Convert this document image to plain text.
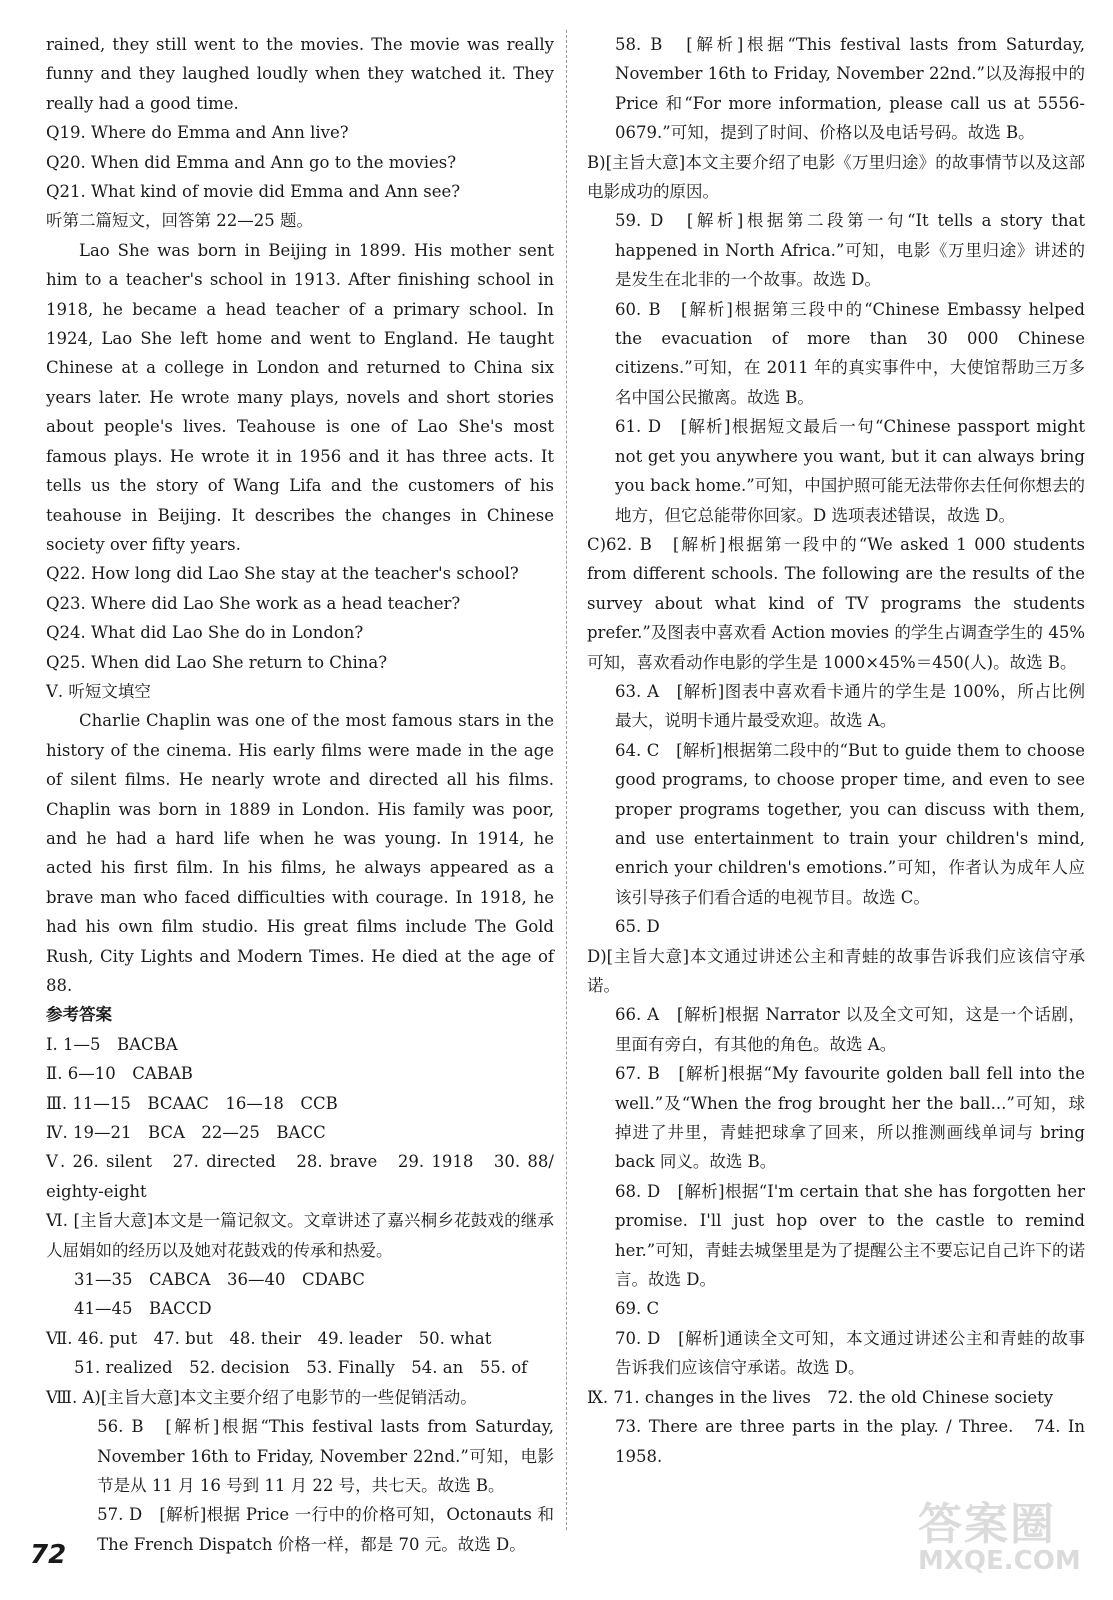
rained, they still went to the movies. The movie was really funny and they laughed loudly when they watched it. They really had a good time.

Q19. Where do Emma and Ann live?

Q20. When did Emma and Ann go to the movies?

Q21. What kind of movie did Emma and Ann see?

听第二篇短文，回答第 22—25 题。

Lao She was born in Beijing in 1899. His mother sent him to a teacher's school in 1913. After finishing school in 1918, he became a head teacher of a primary school. In 1924, Lao She left home and went to England. He taught Chinese at a college in London and returned to China six years later. He wrote many plays, novels and short stories about people's lives. Teahouse is one of Lao She's most famous plays. He wrote it in 1956 and it has three acts. It tells us the story of Wang Lifa and the customers of his teahouse in Beijing. It describes the changes in Chinese society over fifty years.

Q22. How long did Lao She stay at the teacher's school?

Q23. Where did Lao She work as a head teacher?

Q24. What did Lao She do in London?

Q25. When did Lao She return to China?

Ⅴ. 听短文填空

Charlie Chaplin was one of the most famous stars in the history of the cinema. His early films were made in the age of silent films. He nearly wrote and directed all his films. Chaplin was born in 1889 in London. His family was poor, and he had a hard life when he was young. In 1914, he acted his first film. In his films, he always appeared as a brave man who faced difficulties with courage. In 1918, he had his own film studio. His great films include The Gold Rush, City Lights and Modern Times. He died at the age of 88.

参考答案

Ⅰ. 1—5　BACBA

Ⅱ. 6—10　CABAB

Ⅲ. 11—15　BCAAC　16—18　CCB

Ⅳ. 19—21　BCA　22—25　BACC

Ⅴ. 26. silent　27. directed　28. brave　29. 1918　30. 88/ eighty-eight

Ⅵ. [主旨大意]本文是一篇记叙文。文章讲述了嘉兴桐乡花鼓戏的继承人屈娟如的经历以及她对花鼓戏的传承和热爱。

31—35　CABCA　36—40　CDABC

41—45　BACCD

Ⅶ. 46. put　47. but　48. their　49. leader　50. what

51. realized　52. decision　53. Finally　54. an　55. of

Ⅷ. A)[主旨大意]本文主要介绍了电影节的一些促销活动。

56. B　[解析]根据“This festival lasts from Saturday, November 16th to Friday, November 22nd.”可知，电影节是从 11 月 16 号到 11 月 22 号，共七天。故选 B。

57. D　[解析]根据 Price 一行中的价格可知，Octonauts 和 The French Dispatch 价格一样，都是 70 元。故选 D。

58. B　[解析]根据“This festival lasts from Saturday, November 16th to Friday, November 22nd.”以及海报中的 Price 和“For more information, please call us at 5556-0679.”可知，提到了时间、价格以及电话号码。故选 B。

B)[主旨大意]本文主要介绍了电影《万里归途》的故事情节以及这部电影成功的原因。

59. D　[解析]根据第二段第一句“It tells a story that happened in North Africa.”可知，电影《万里归途》讲述的是发生在北非的一个故事。故选 D。

60. B　[解析]根据第三段中的“Chinese Embassy helped the evacuation of more than 30 000 Chinese citizens.”可知，在 2011 年的真实事件中，大使馆帮助三万多名中国公民撤离。故选 B。

61. D　[解析]根据短文最后一句“Chinese passport might not get you anywhere you want, but it can always bring you back home.”可知，中国护照可能无法带你去任何你想去的地方，但它总能带你回家。D 选项表述错误，故选 D。

C)62. B　[解析]根据第一段中的“We asked 1 000 students from different schools. The following are the results of the survey about what kind of TV programs the students prefer.”及图表中喜欢看 Action movies 的学生占调查学生的 45% 可知，喜欢看动作电影的学生是 1000×45%＝450(人)。故选 B。

63. A　[解析]图表中喜欢看卡通片的学生是 100%，所占比例最大，说明卡通片最受欢迎。故选 A。

64. C　[解析]根据第二段中的“But to guide them to choose good programs, to choose proper time, and even to see proper programs together, you can discuss with them, and use entertainment to train your children's mind, enrich your children's emotions.”可知，作者认为成年人应该引导孩子们看合适的电视节目。故选 C。

65. D

D)[主旨大意]本文通过讲述公主和青蛙的故事告诉我们应该信守承诺。

66. A　[解析]根据 Narrator 以及全文可知，这是一个话剧，里面有旁白，有其他的角色。故选 A。

67. B　[解析]根据“My favourite golden ball fell into the well.”及“When the frog brought her the ball...”可知，球掉进了井里，青蛙把球拿了回来，所以推测画线单词与 bring back 同义。故选 B。

68. D　[解析]根据“I'm certain that she has forgotten her promise. I'll just hop over to the castle to remind her.”可知，青蛙去城堡里是为了提醒公主不要忘记自己许下的诺言。故选 D。

69. C

70. D　[解析]通读全文可知，本文通过讲述公主和青蛙的故事告诉我们应该信守承诺。故选 D。

Ⅸ. 71. changes in the lives　72. the old Chinese society

73. There are three parts in the play. / Three.　74. In 1958.

72
答案圈
MXQE.COM
